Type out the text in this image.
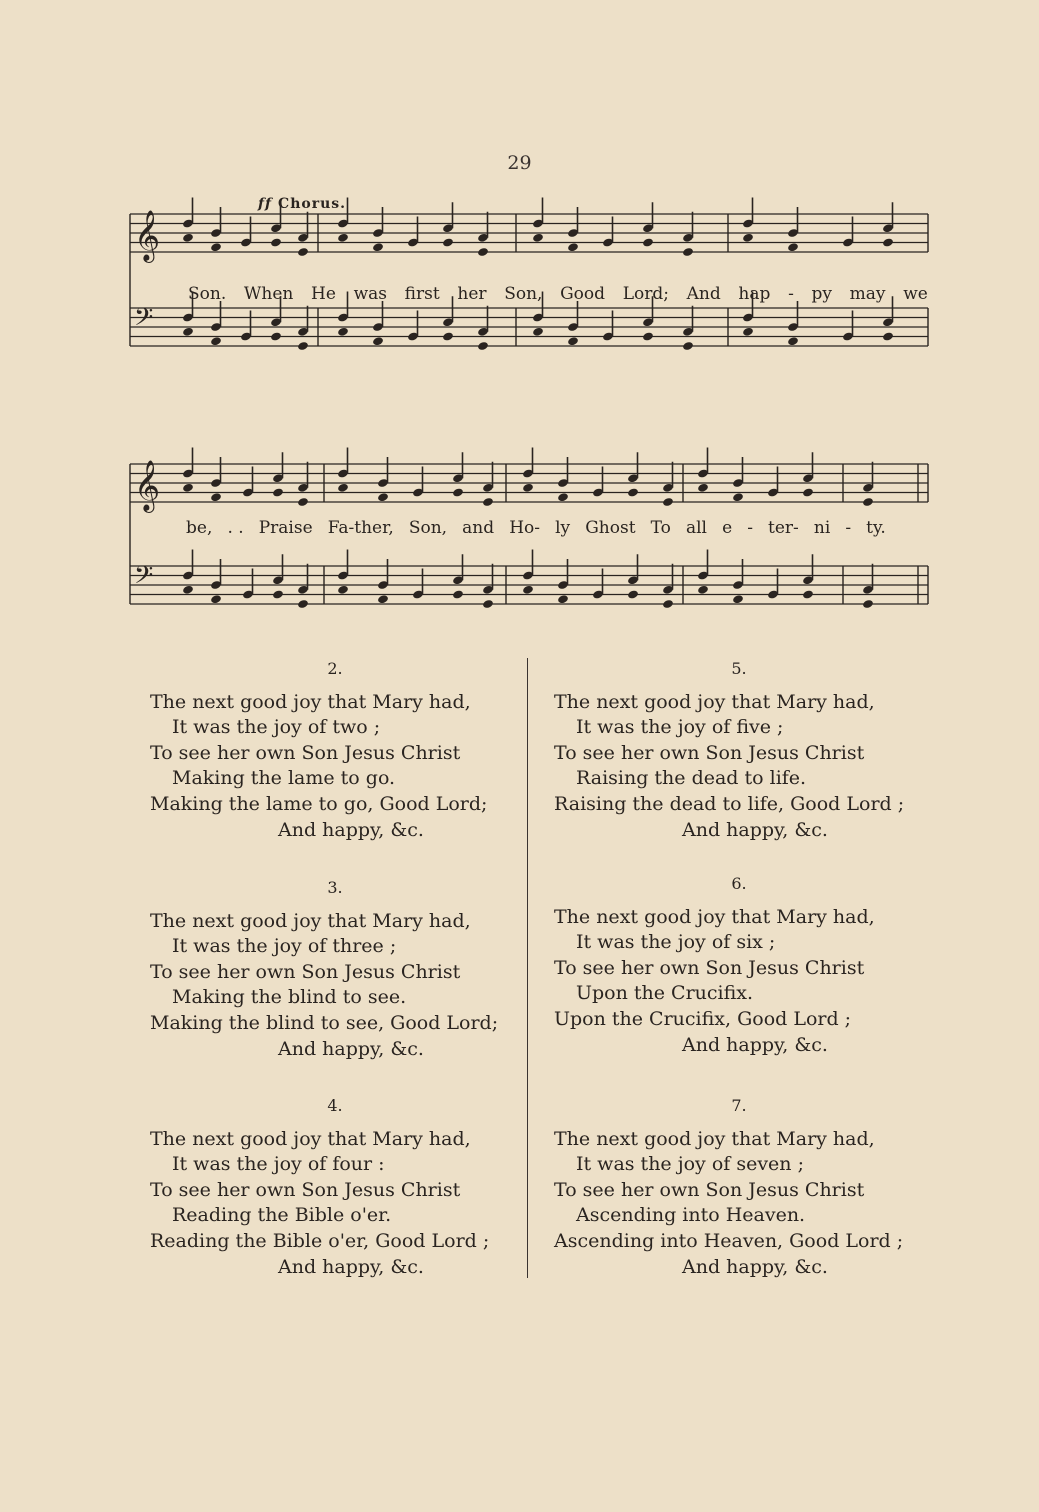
29
ff Chorus.
𝄞
𝄢
Son. When He was first her Son, Good Lord; And hap - py may we
𝄞
𝄢
be, . . Praise Fa-ther, Son, and Ho- ly Ghost To all e - ter- ni - ty.
2.
The next good joy that Mary had,
It was the joy of two ;
To see her own Son Jesus Christ
Making the lame to go.
Making the lame to go, Good Lord;
And happy, &c.
3.
The next good joy that Mary had,
It was the joy of three ;
To see her own Son Jesus Christ
Making the blind to see.
Making the blind to see, Good Lord;
And happy, &c.
4.
The next good joy that Mary had,
It was the joy of four :
To see her own Son Jesus Christ
Reading the Bible o'er.
Reading the Bible o'er, Good Lord ;
And happy, &c.
5.
The next good joy that Mary had,
It was the joy of five ;
To see her own Son Jesus Christ
Raising the dead to life.
Raising the dead to life, Good Lord ;
And happy, &c.
6.
The next good joy that Mary had,
It was the joy of six ;
To see her own Son Jesus Christ
Upon the Crucifix.
Upon the Crucifix, Good Lord ;
And happy, &c.
7.
The next good joy that Mary had,
It was the joy of seven ;
To see her own Son Jesus Christ
Ascending into Heaven.
Ascending into Heaven, Good Lord ;
And happy, &c.
